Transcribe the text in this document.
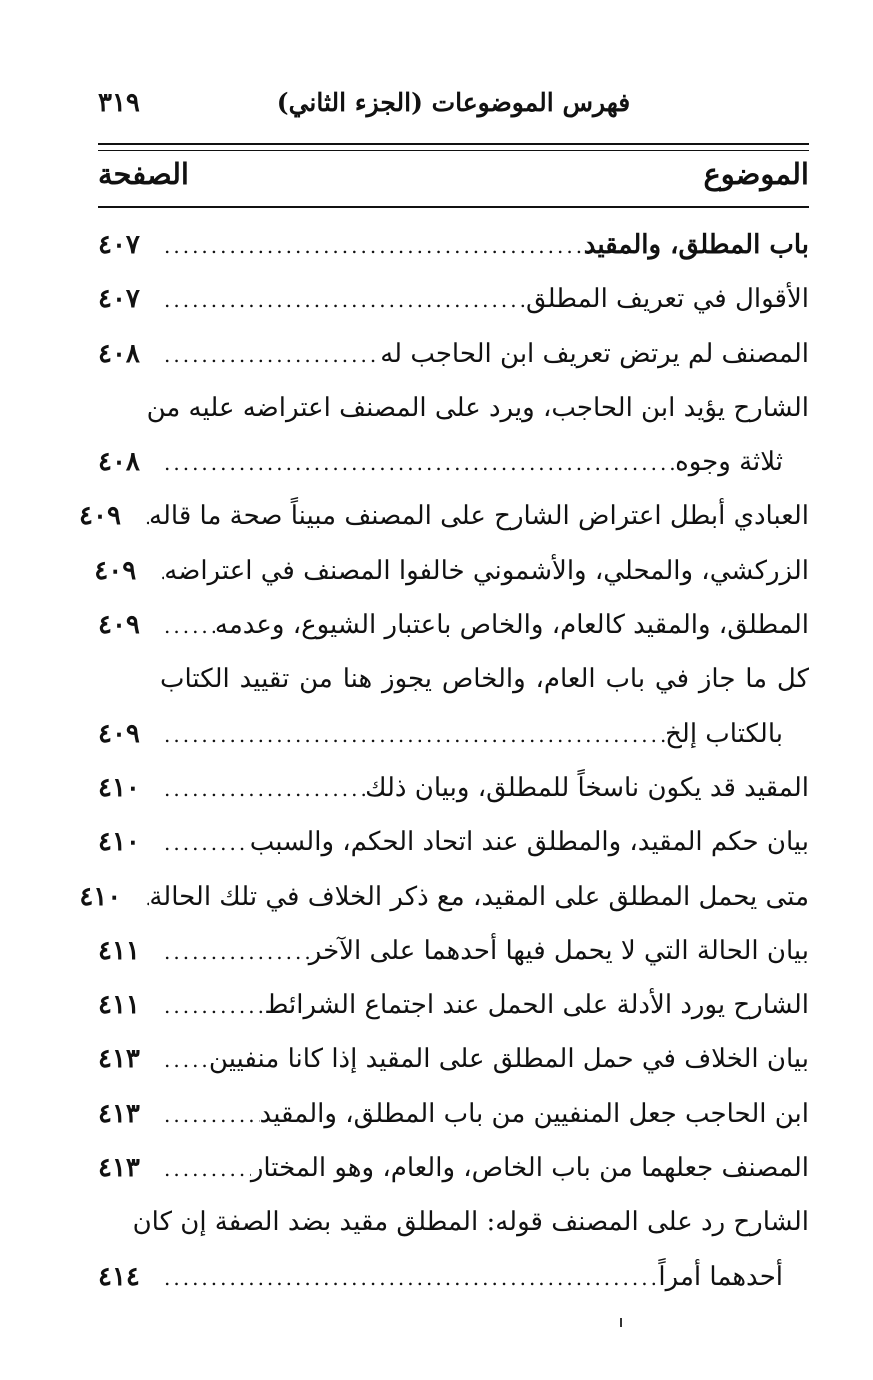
فهرس الموضوعات (الجزء الثاني)
٣١٩
الموضوع
الصفحة
باب المطلق، والمقيد
.....
٤٠٧
الأقوال في تعريف المطلق
.....
٤٠٧
المصنف لم يرتض تعريف ابن الحاجب له
.....
٤٠٨
الشارح يؤيد ابن الحاجب، ويرد على المصنف اعتراضه عليه من
ثلاثة وجوه
.....
٤٠٨
العبادي أبطل اعتراض الشارح على المصنف مبيناً صحة ما قاله
.....
٤٠٩
الزركشي، والمحلي، والأشموني خالفوا المصنف في اعتراضه
.....
٤٠٩
المطلق، والمقيد كالعام، والخاص باعتبار الشيوع، وعدمه
.....
٤٠٩
كل ما جاز في باب العام، والخاص يجوز هنا من تقييد الكتاب
بالكتاب إلخ
.....
٤٠٩
المقيد قد يكون ناسخاً للمطلق، وبيان ذلك
.....
٤١٠
بيان حكم المقيد، والمطلق عند اتحاد الحكم، والسبب
.....
٤١٠
متى يحمل المطلق على المقيد، مع ذكر الخلاف في تلك الحالة
.....
٤١٠
بيان الحالة التي لا يحمل فيها أحدهما على الآخر
.....
٤١١
الشارح يورد الأدلة على الحمل عند اجتماع الشرائط
.....
٤١١
بيان الخلاف في حمل المطلق على المقيد إذا كانا منفيين
.....
٤١٣
ابن الحاجب جعل المنفيين من باب المطلق، والمقيد
.....
٤١٣
المصنف جعلهما من باب الخاص، والعام، وهو المختار
.....
٤١٣
الشارح رد على المصنف قوله: المطلق مقيد بضد الصفة إن كان
أحدهما أمراً
.....
٤١٤
